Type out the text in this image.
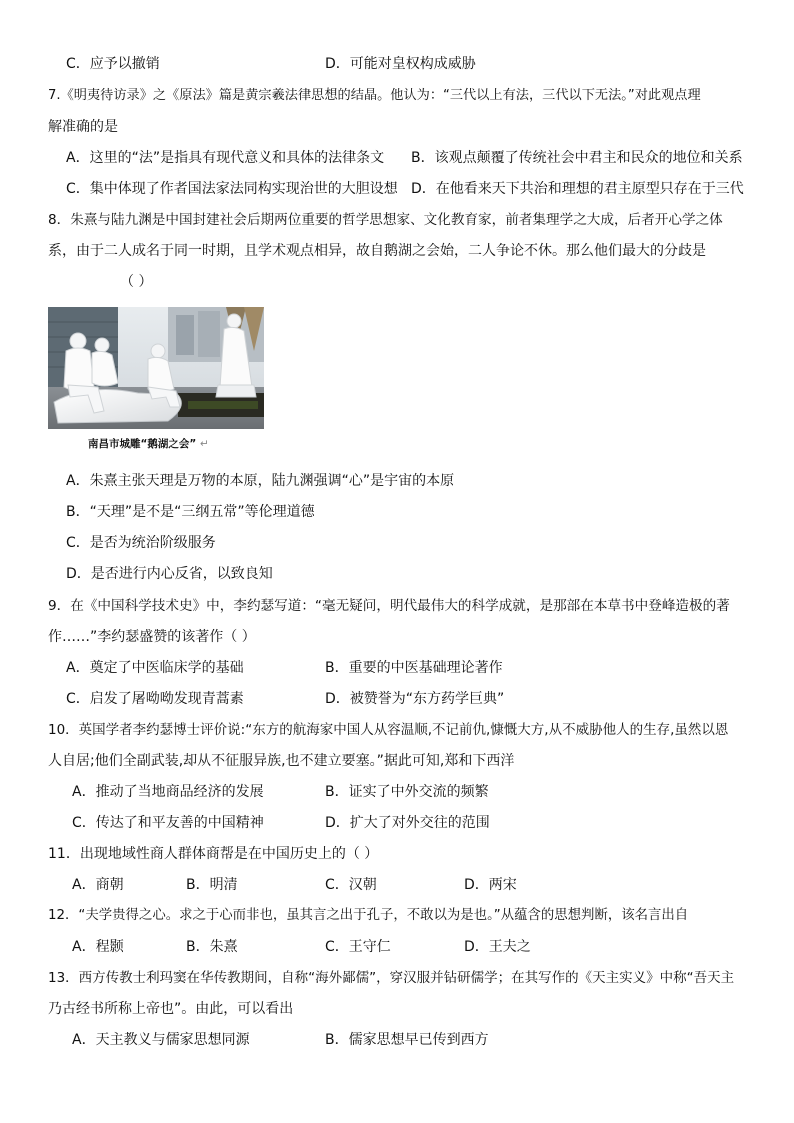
C．应予以撤销	D．可能对皇权构成威胁
7.《明夷待访录》之《原法》篇是黄宗羲法律思想的结晶。他认为：“三代以上有法，三代以下无法。”对此观点理
解准确的是
A．这里的“法”是指具有现代意义和具体的法律条文 B．该观点颠覆了传统社会中君主和民众的地位和关系
C．集中体现了作者国法家法同构实现治世的大胆设想 D．在他看来天下共治和理想的君主原型只存在于三代
8．朱熹与陆九渊是中国封建社会后期两位重要的哲学思想家、文化教育家，前者集理学之大成，后者开心学之体
系，由于二人成名于同一时期，且学术观点相异，故自鹅湖之会始，二人争论不休。那么他们最大的分歧是
（ ）
南昌市城雕“鹅湖之会” ↵
A．朱熹主张天理是万物的本原，陆九渊强调“心”是宇宙的本原
B．“天理”是不是“三纲五常”等伦理道德
C．是否为统治阶级服务
D．是否进行内心反省，以致良知
9．在《中国科学技术史》中，李约瑟写道：“毫无疑问，明代最伟大的科学成就，是那部在本草书中登峰造极的著
作……”李约瑟盛赞的该著作（ ）
A．奠定了中医临床学的基础	B．重要的中医基础理论著作
C．启发了屠呦呦发现青蒿素	D．被赞誉为“东方药学巨典”
10．英国学者李约瑟博士评价说:“东方的航海家中国人从容温顺,不记前仇,慷慨大方,从不威胁他人的生存,虽然以恩
人自居;他们全副武装,却从不征服异族,也不建立要塞。”据此可知,郑和下西洋
A．推动了当地商品经济的发展	B．证实了中外交流的频繁
C．传达了和平友善的中国精神	D．扩大了对外交往的范围
11．出现地域性商人群体商帮是在中国历史上的（ ）
A．商朝	B．明清	C．汉朝	D．两宋
12．“夫学贵得之心。求之于心而非也，虽其言之出于孔子，不敢以为是也。”从蕴含的思想判断，该名言出自
A．程颢	B．朱熹	C．王守仁	D．王夫之
13．西方传教士利玛窦在华传教期间，自称“海外鄙儒”，穿汉服并钻研儒学；在其写作的《天主实义》中称“吾天主
乃古经书所称上帝也”。由此，可以看出
A．天主教义与儒家思想同源	B．儒家思想早已传到西方
